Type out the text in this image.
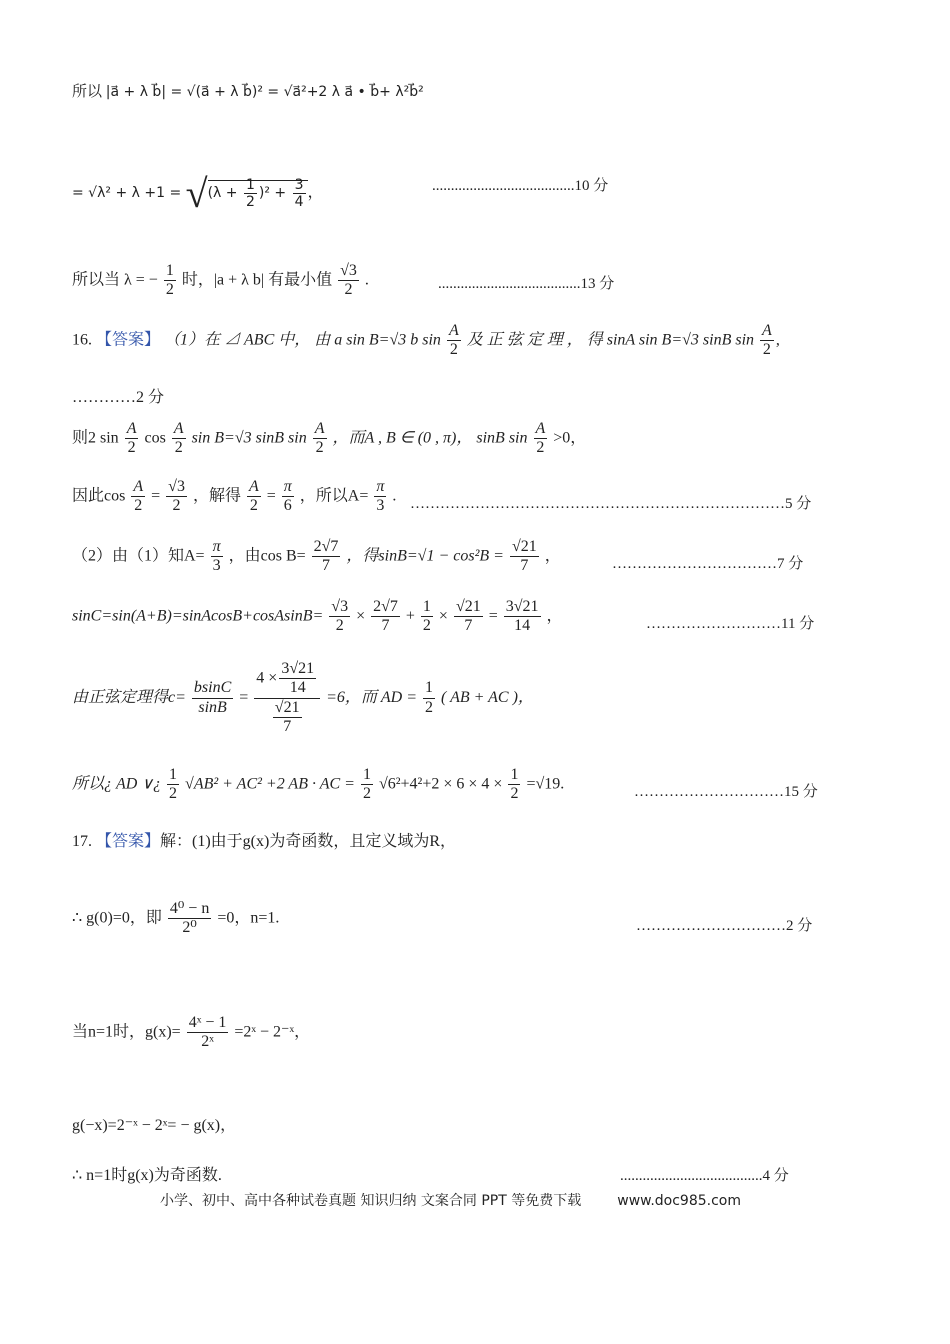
所以 |a⃗ + λ b⃗| = √(a⃗ + λ b⃗)² = √a⃗²+2 λ a⃗ • b⃗+ λ²b⃗²
= $√\lambda^2 + \lambda +1 = √(\lambda + \frac{1}{2} )^2 + \frac{3}{4}$ ，	......................................10 分
所以当 λ = − $\frac{1}{2}$ 时，|a + λ b| 有最小值 $\frac{√3}{2}$ .	......................................13 分
16. 【答案】 （1）在 ⊿ ABC 中， 由 a sin B=√3 b $\sin \frac{A}{2}$ 及 正 弦 定 理 ， 得 sinA sin B=√3 sinB $\sin \frac{A}{2}$ ,
…………2 分
则2 $\sin \frac{A}{2}$ $\cos \frac{A}{2}$ sin B=√3 sinB $\sin \frac{A}{2}$ ，而A , B ∈ (0 , π)， sinB $\sin \frac{A}{2} >0$，
因此$\cos \frac{A}{2} = \frac{√3}{2}$ ，解得 $\frac{A}{2} = \frac{\pi}{6}$ ，所以$A= \frac{\pi}{3}$ . …………………………………………………………………5 分
（2）由（1）知$A= \frac{\pi}{3}$ ，由$\cos B= \frac{2√7}{7}$ ，得$\sin B=√1 - \cos^2B = \frac{√21}{7}$ ，	……………………………7 分
sinC=sin(A+B)=sinAcosB+cosAsinB= $\frac{√3}{2} \times \frac{2√7}{7} + \frac{1}{2} \times \frac{√21}{7} = \frac{3√21}{14}$ ，	………………………11 分
由正弦定理得$c= \frac{bsinC}{\sin B} = \frac{4 \times \frac{3√21}{14}}{\frac{√21}{7}} =6$，而 AD = $\frac{1}{2}$ ( AB + AC )，
所以¿ AD ∨¿ $\frac{1}{2} √AB^2 + AC^2 +2$ AB · AC = $\frac{1}{2} √6^2+4^2+2 \times 6 \times 4 \times \frac{1}{2} =√19$.	…………………………15 分
17. 【答案】解：(1)由于g(x)为奇函数，且定义域为R，
∴ g(0)=0，即 $\frac{\text{4⁰ − n}}{\text{2⁰}} =0$，n=1.	…………………………2 分
当n=1时，$g(x)= \frac{\text{4ˣ − 1}}{\text{2ˣ}}$ =2ˣ − 2⁻ˣ，
g(−x)=2⁻ˣ − 2ˣ= − g(x)，
∴ n=1时g(x)为奇函数.	......................................4 分
小学、初中、高中各种试卷真题 知识归纳 文案合同 PPT 等免费下载	www.doc985.com
